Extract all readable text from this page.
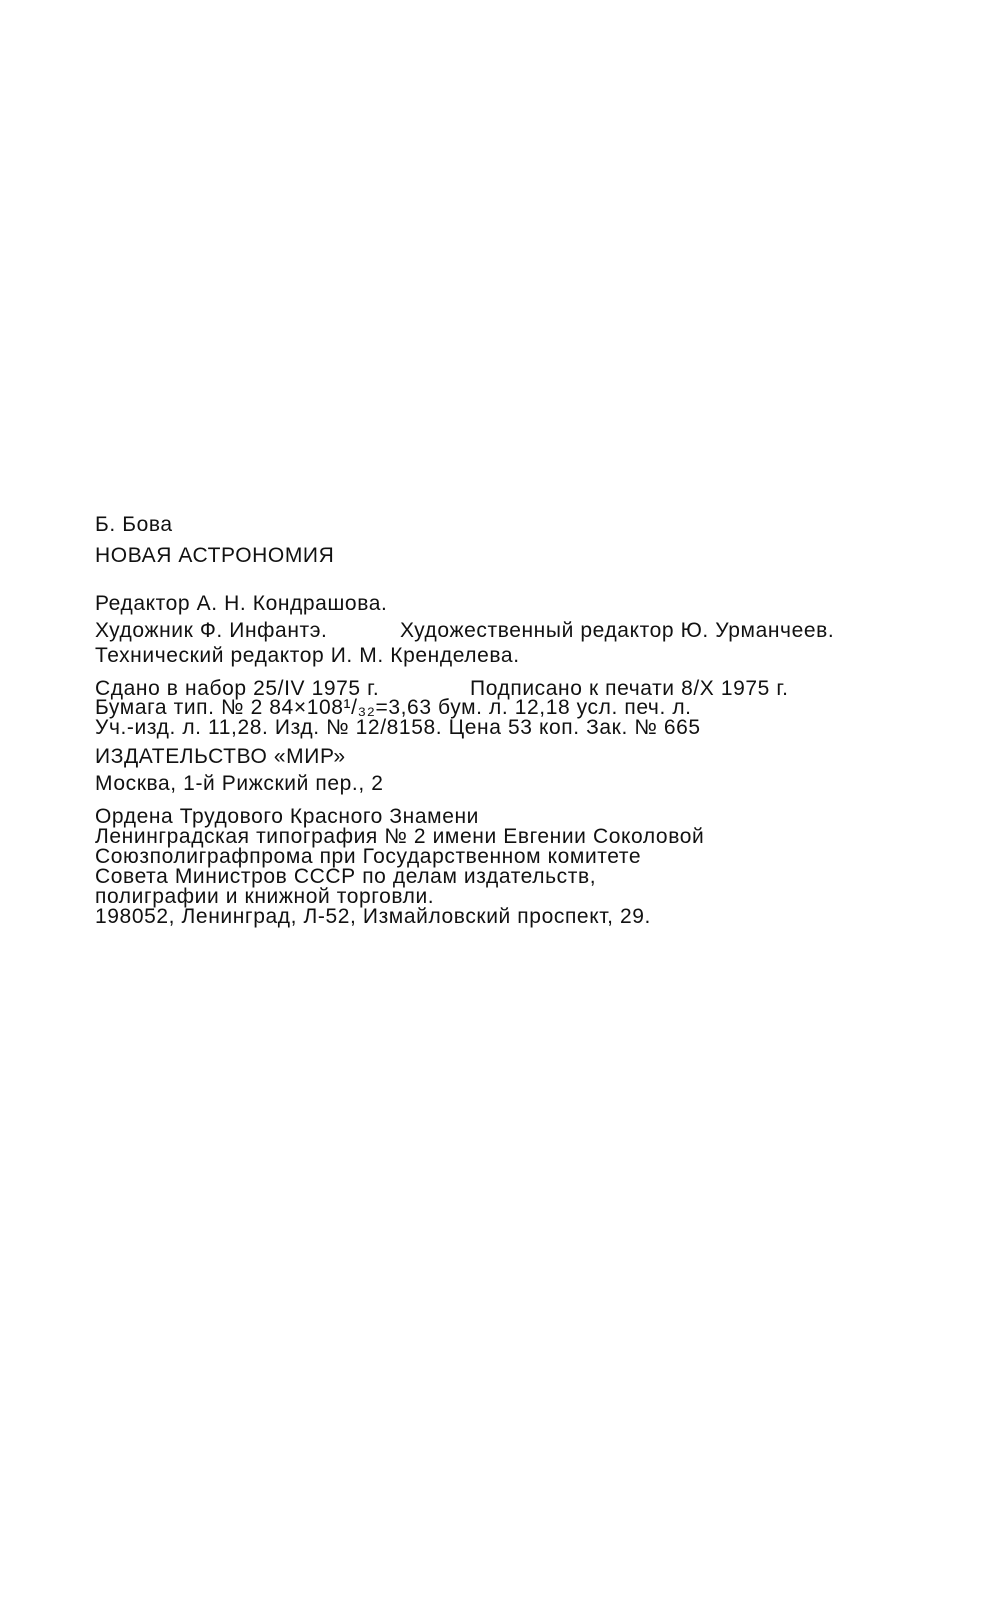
Б. Бова
НОВАЯ АСТРОНОМИЯ
Редактор А. Н. Кондрашова.
Художник Ф. Инфантэ.	Художественный редактор Ю. Урманчеев.
Технический редактор И. М. Кренделева.
Сдано в набор 25/IV 1975 г.	Подписано к печати 8/X 1975 г.
Бумага тип. № 2 84×108¹/₃₂=3,63 бум. л. 12,18 усл. печ. л.
Уч.-изд. л. 11,28. Изд. № 12/8158. Цена 53 коп. Зак. № 665
ИЗДАТЕЛЬСТВО «МИР»
Москва, 1-й Рижский пер., 2
Ордена Трудового Красного Знамени
Ленинградская типография № 2 имени Евгении Соколовой
Союзполиграфпрома при Государственном комитете
Совета Министров СССР по делам издательств,
полиграфии и книжной торговли.
198052, Ленинград, Л-52, Измайловский проспект, 29.
